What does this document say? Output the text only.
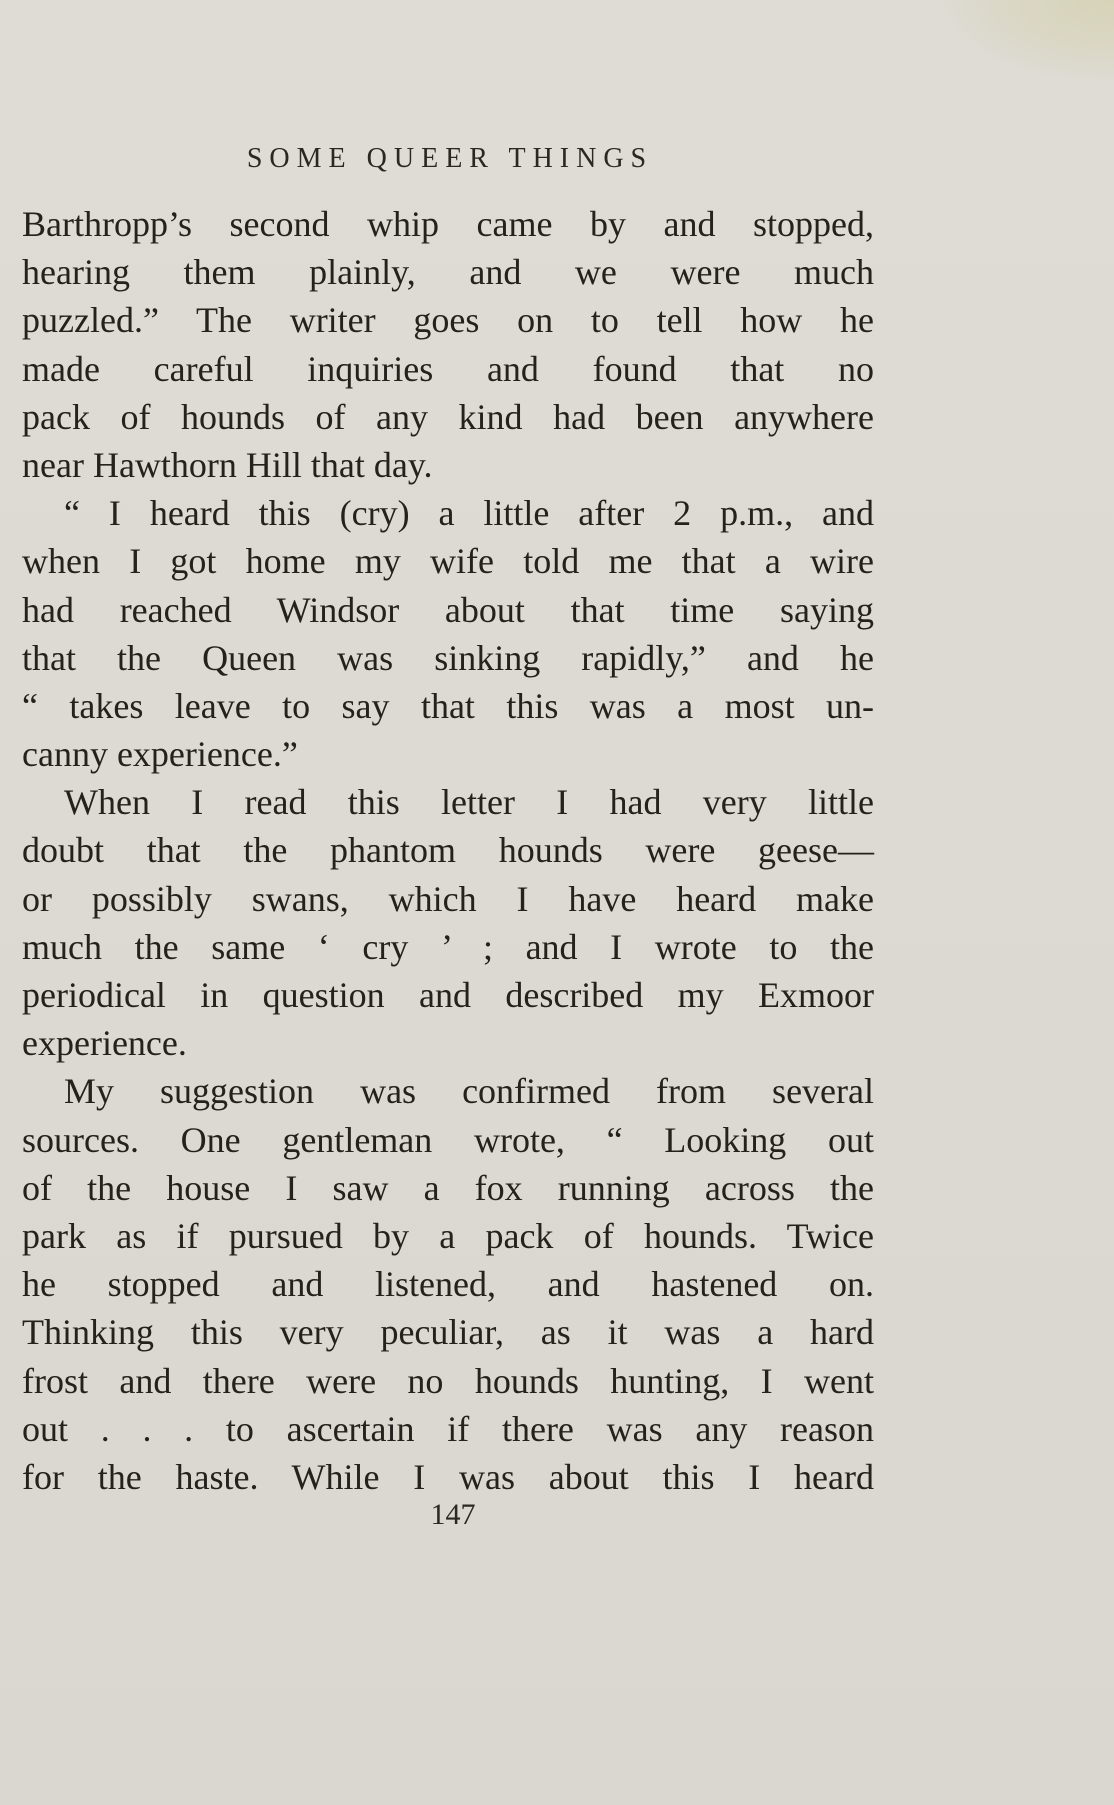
SOME QUEER THINGS
Barthropp’s second whip came by and stopped,
hearing them plainly, and we were much
puzzled.” The writer goes on to tell how he
made careful inquiries and found that no
pack of hounds of any kind had been anywhere
near Hawthorn Hill that day.
“ I heard this (cry) a little after 2 p.m., and
when I got home my wife told me that a wire
had reached Windsor about that time saying
that the Queen was sinking rapidly,” and he
“ takes leave to say that this was a most un-
canny experience.”
When I read this letter I had very little
doubt that the phantom hounds were geese—
or possibly swans, which I have heard make
much the same ‘ cry ’ ; and I wrote to the
periodical in question and described my Exmoor
experience.
My suggestion was confirmed from several
sources. One gentleman wrote, “ Looking out
of the house I saw a fox running across the
park as if pursued by a pack of hounds. Twice
he stopped and listened, and hastened on.
Thinking this very peculiar, as it was a hard
frost and there were no hounds hunting, I went
out . . . to ascertain if there was any reason
for the haste. While I was about this I heard
147
